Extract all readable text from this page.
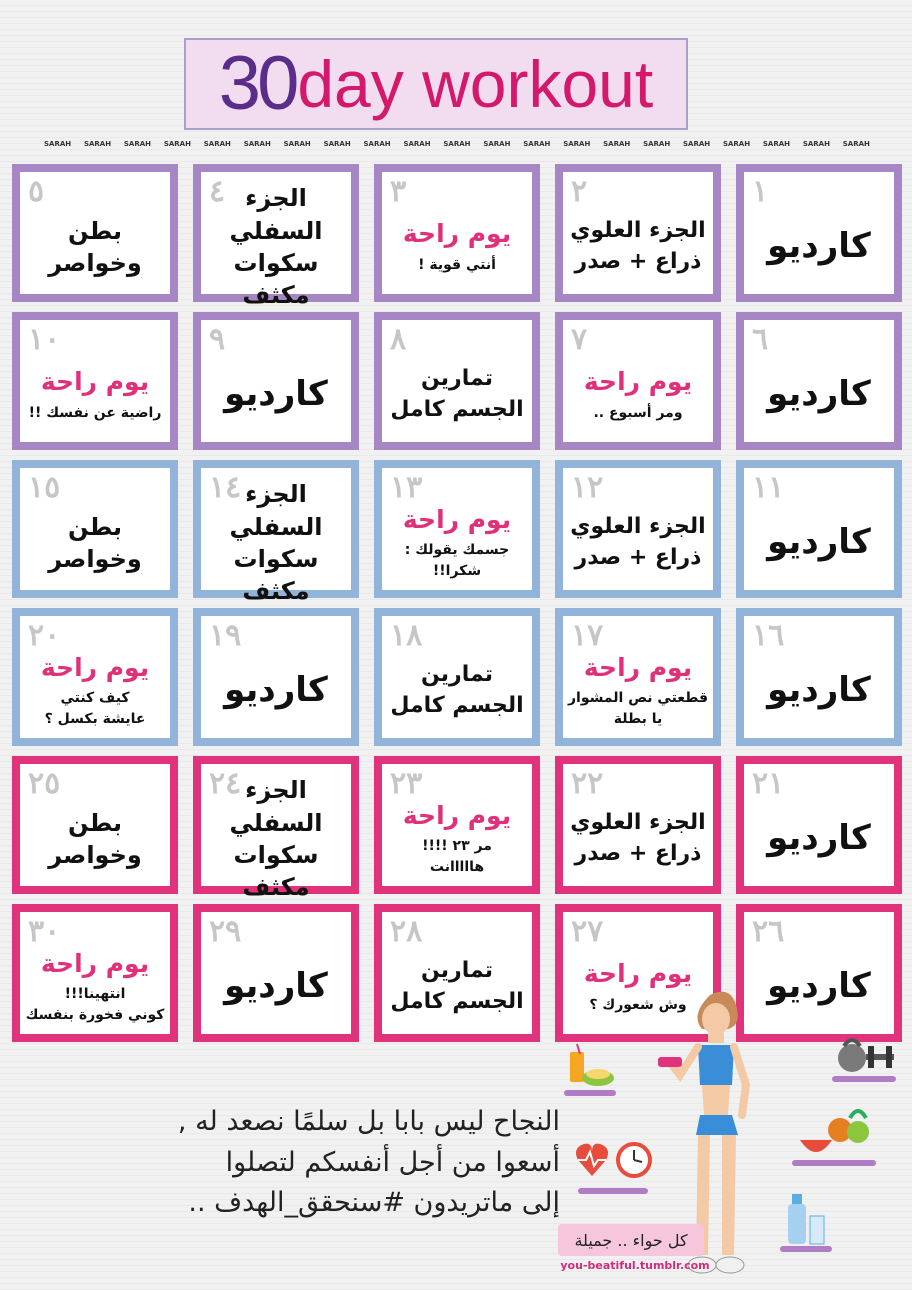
30 day workout
SARAH SARAH SARAH SARAH SARAH SARAH SARAH SARAH SARAH SARAH SARAH SARAH SARAH SARAH SARAH SARAH SARAH SARAH SARAH SARAH SARAH
١
كارديو
٢
الجزء العلوي
ذراع + صدر
٣
يوم راحة
أنتي قوية !
٤ الجزء السفلي
سكوات مكثف
٥
بطن
وخواصر
٦
كارديو
٧
يوم راحة
ومر أسبوع ..
٨
تمارين
الجسم كامل
٩
كارديو
١٠
يوم راحة
راضية عن نفسك !!
١١
كارديو
١٢
الجزء العلوي
ذراع + صدر
١٣
يوم راحة
جسمك يقولك :
شكرا!!
١٤ الجزء السفلي
سكوات مكثف
١٥
بطن
وخواصر
١٦
كارديو
١٧
يوم راحة
قطعتي نص المشوار
يا بطلة
١٨
تمارين
الجسم كامل
١٩
كارديو
٢٠
يوم راحة
كيف كنتي
عايشة بكسل ؟
٢١
كارديو
٢٢
الجزء العلوي
ذراع + صدر
٢٣
يوم راحة
مر ٢٣ !!!!
هااااانت
٢٤ الجزء السفلي
سكوات مكثف
٢٥
بطن
وخواصر
٢٦
كارديو
٢٧
يوم راحة
وش شعورك ؟
٢٨
تمارين
الجسم كامل
٢٩
كارديو
٣٠
يوم راحة
انتهينا!!!
كوني فخورة بنفسك
النجاح ليس بابا بل سلمًا نصعد له ,
أسعوا من أجل أنفسكم لتصلوا
إلى ماتريدون #سنحقق_الهدف ..
كل حواء .. جميلة
you-beatiful.tumblr.com
